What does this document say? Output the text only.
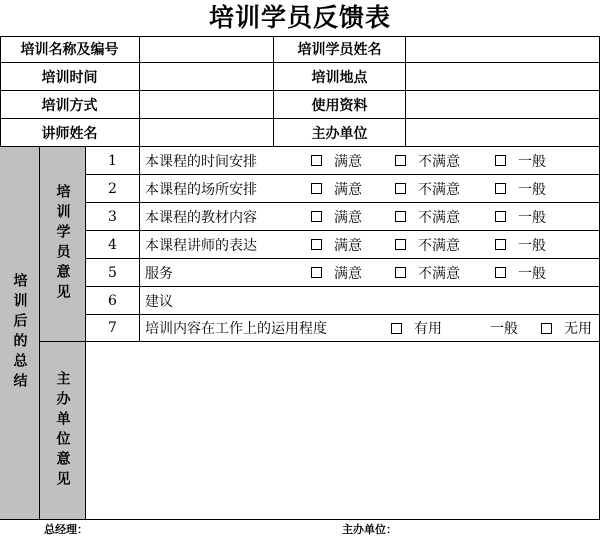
培训学员反馈表
培训名称及编号	培训学员姓名
培训时间	培训地点
培训方式	使用资料
讲师姓名	主办单位
培训后的总结
培训学员意见
主办单位意见
1	本课程的时间安排	满意	不满意	一般
2	本课程的场所安排	满意	不满意	一般
3	本课程的教材内容	满意	不满意	一般
4	本课程讲师的表达	满意	不满意	一般
5	服务	满意	不满意	一般
6	建议
7	培训内容在工作上的运用程度	有用	一般	无用
总经理：	主办单位：
